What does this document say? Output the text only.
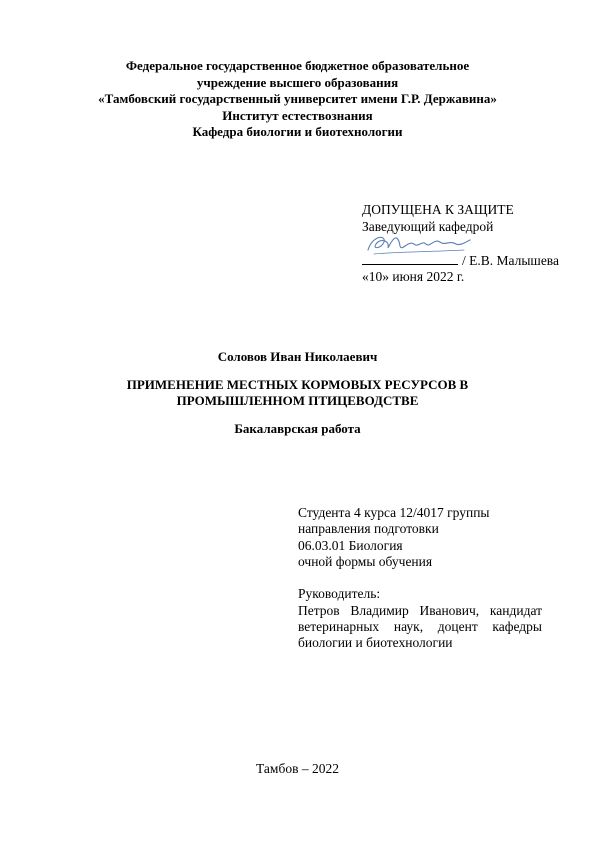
Федеральное государственное бюджетное образовательное
учреждение высшего образования
«Тамбовский государственный университет имени Г.Р. Державина»
Институт естествознания
Кафедра биологии и биотехнологии
ДОПУЩЕНА К ЗАЩИТЕ
Заведующий кафедрой
/ Е.В. Малышева
«10» июня 2022 г.
Соловов Иван Николаевич
ПРИМЕНЕНИЕ МЕСТНЫХ КОРМОВЫХ РЕСУРСОВ В
ПРОМЫШЛЕННОМ ПТИЦЕВОДСТВЕ
Бакалаврская работа
Студента 4 курса 12/4017 группы
направления подготовки
06.03.01 Биология
очной формы обучения
Руководитель:
Петров Владимир Иванович, кандидат ветеринарных наук, доцент кафедры биологии и биотехнологии
Тамбов – 2022
